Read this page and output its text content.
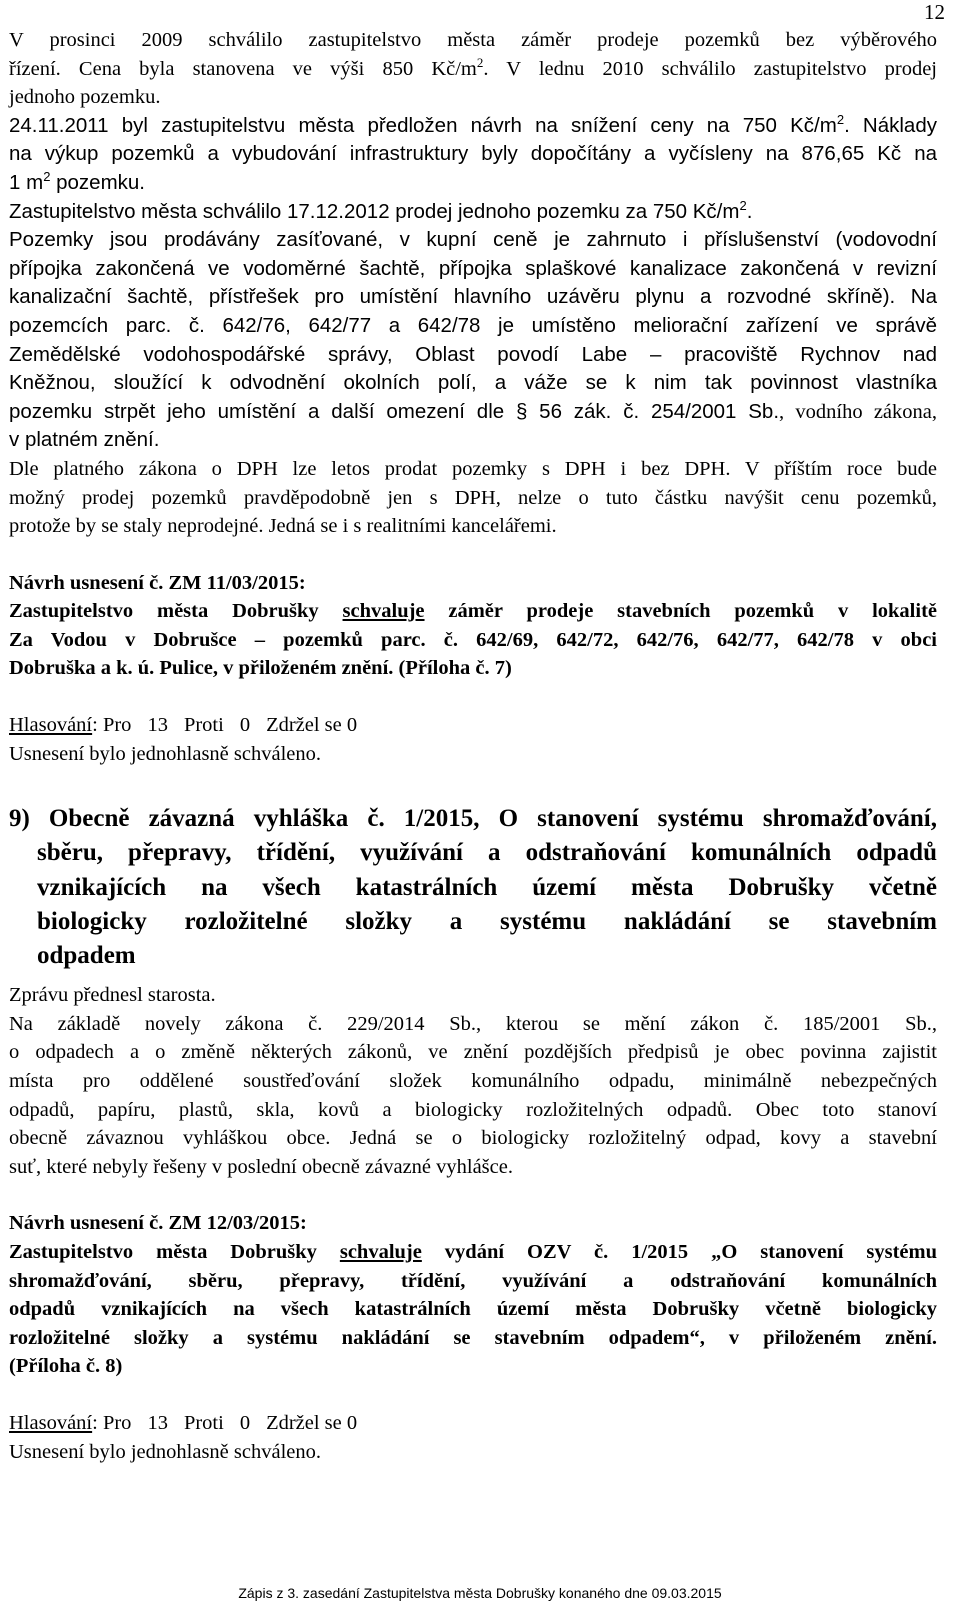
12

V prosinci 2009 schválilo zastupitelstvo města záměr prodeje pozemků bez výběrového

řízení. Cena byla stanovena ve výši 850 $Kč/m^2$. V lednu 2010 schválilo zastupitelstvo prodej

jednoho pozemku.

24.11.2011 byl zastupitelstvu města předložen návrh na snížení ceny na 750 $Kč/m^2$. Náklady

na výkup pozemků a vybudování infrastruktury byly dopočítány a vyčísleny na 876,65 Kč na

1 $m^2$ pozemku.

Zastupitelstvo města schválilo 17.12.2012 prodej jednoho pozemku za 750 $Kč/m^2$.

Pozemky jsou prodávány zasíťované, v kupní ceně je zahrnuto i příslušenství (vodovodní

přípojka zakončená ve vodoměrné šachtě, přípojka splaškové kanalizace zakončená v revizní

kanalizační šachtě, přístřešek pro umístění hlavního uzávěru plynu a rozvodné skříně). Na

pozemcích parc. č. 642/76, 642/77 a 642/78 je umístěno meliorační zařízení ve správě

Zemědělské vodohospodářské správy, Oblast povodí Labe – pracoviště Rychnov nad

Kněžnou, sloužící k odvodnění okolních polí, a váže se k nim tak povinnost vlastníka

pozemku strpět jeho umístění a další omezení dle § 56 zák. č. 254/2001 Sb., vodního zákona,

v platném znění.

Dle platného zákona o DPH lze letos prodat pozemky s DPH i bez DPH. V příštím roce bude

možný prodej pozemků pravděpodobně jen s DPH, nelze o tuto částku navýšit cenu pozemků,

protože by se staly neprodejné. Jedná se i s realitními kancelářemi.

Návrh usnesení č. ZM 11/03/2015:

Zastupitelstvo města Dobrušky schvaluje záměr prodeje stavebních pozemků v lokalitě

Za Vodou v Dobrušce – pozemků parc. č. 642/69, 642/72, 642/76, 642/77, 642/78 v obci

Dobruška a k. ú. Pulice, v přiloženém znění. (Příloha č. 7)

Hlasování: Pro 13 Proti 0 Zdržel se 0

Usnesení bylo jednohlasně schváleno.

9) Obecně závazná vyhláška č. 1/2015, O stanovení systému shromažďování,

sběru, přepravy, třídění, využívání a odstraňování komunálních odpadů

vznikajících na všech katastrálních území města Dobrušky včetně

biologicky rozložitelné složky a systému nakládání se stavebním

odpadem

Zprávu přednesl starosta.

Na základě novely zákona č. 229/2014 Sb., kterou se mění zákon č. 185/2001 Sb.,

o odpadech a o změně některých zákonů, ve znění pozdějších předpisů je obec povinna zajistit

místa pro oddělené soustřeďování složek komunálního odpadu, minimálně nebezpečných

odpadů, papíru, plastů, skla, kovů a biologicky rozložitelných odpadů. Obec toto stanoví

obecně závaznou vyhláškou obce. Jedná se o biologicky rozložitelný odpad, kovy a stavební

suť, které nebyly řešeny v poslední obecně závazné vyhlášce.

Návrh usnesení č. ZM 12/03/2015:

Zastupitelstvo města Dobrušky schvaluje vydání OZV č. 1/2015 „O stanovení systému

shromažďování, sběru, přepravy, třídění, využívání a odstraňování komunálních

odpadů vznikajících na všech katastrálních území města Dobrušky včetně biologicky

rozložitelné složky a systému nakládání se stavebním odpadem“, v přiloženém znění.

(Příloha č. 8)

Hlasování: Pro 13 Proti 0 Zdržel se 0

Usnesení bylo jednohlasně schváleno.

Zápis z 3. zasedání Zastupitelstva města Dobrušky konaného dne 09.03.2015
